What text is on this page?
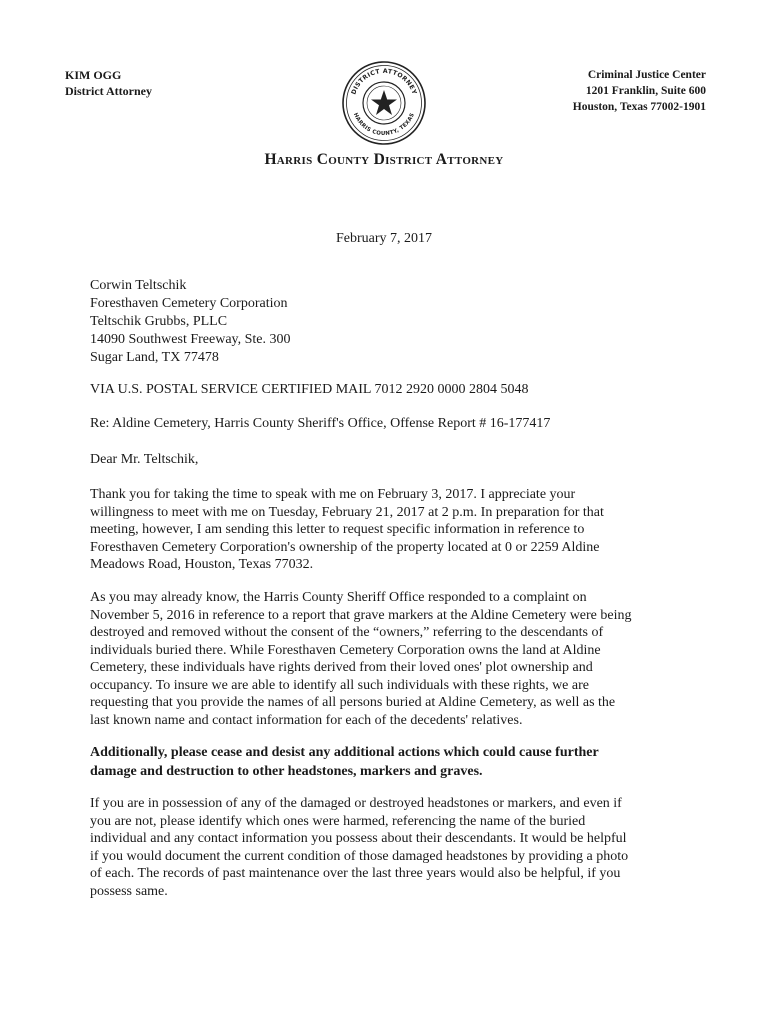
KIM OGG
District Attorney	DISTRICT ATTORNEY
HARRIS COUNTY, TEXAS
Criminal Justice Center
1201 Franklin, Suite 600
Houston, Texas 77002-1901
Harris County District Attorney
February 7, 2017
Corwin Teltschik
Foresthaven Cemetery Corporation
Teltschik Grubbs, PLLC
14090 Southwest Freeway, Ste. 300
Sugar Land, TX 77478
VIA U.S. POSTAL SERVICE CERTIFIED MAIL 7012 2920 0000 2804 5048
Re: Aldine Cemetery, Harris County Sheriff's Office, Offense Report # 16-177417
Dear Mr. Teltschik,
Thank you for taking the time to speak with me on February 3, 2017. I appreciate your
willingness to meet with me on Tuesday, February 21, 2017 at 2 p.m. In preparation for that
meeting, however, I am sending this letter to request specific information in reference to
Foresthaven Cemetery Corporation's ownership of the property located at 0 or 2259 Aldine
Meadows Road, Houston, Texas 77032.
As you may already know, the Harris County Sheriff Office responded to a complaint on
November 5, 2016 in reference to a report that grave markers at the Aldine Cemetery were being
destroyed and removed without the consent of the “owners,” referring to the descendants of
individuals buried there. While Foresthaven Cemetery Corporation owns the land at Aldine
Cemetery, these individuals have rights derived from their loved ones' plot ownership and
occupancy. To insure we are able to identify all such individuals with these rights, we are
requesting that you provide the names of all persons buried at Aldine Cemetery, as well as the
last known name and contact information for each of the decedents' relatives.
Additionally, please cease and desist any additional actions which could cause further
damage and destruction to other headstones, markers and graves.
If you are in possession of any of the damaged or destroyed headstones or markers, and even if
you are not, please identify which ones were harmed, referencing the name of the buried
individual and any contact information you possess about their descendants. It would be helpful
if you would document the current condition of those damaged headstones by providing a photo
of each. The records of past maintenance over the last three years would also be helpful, if you
possess same.
